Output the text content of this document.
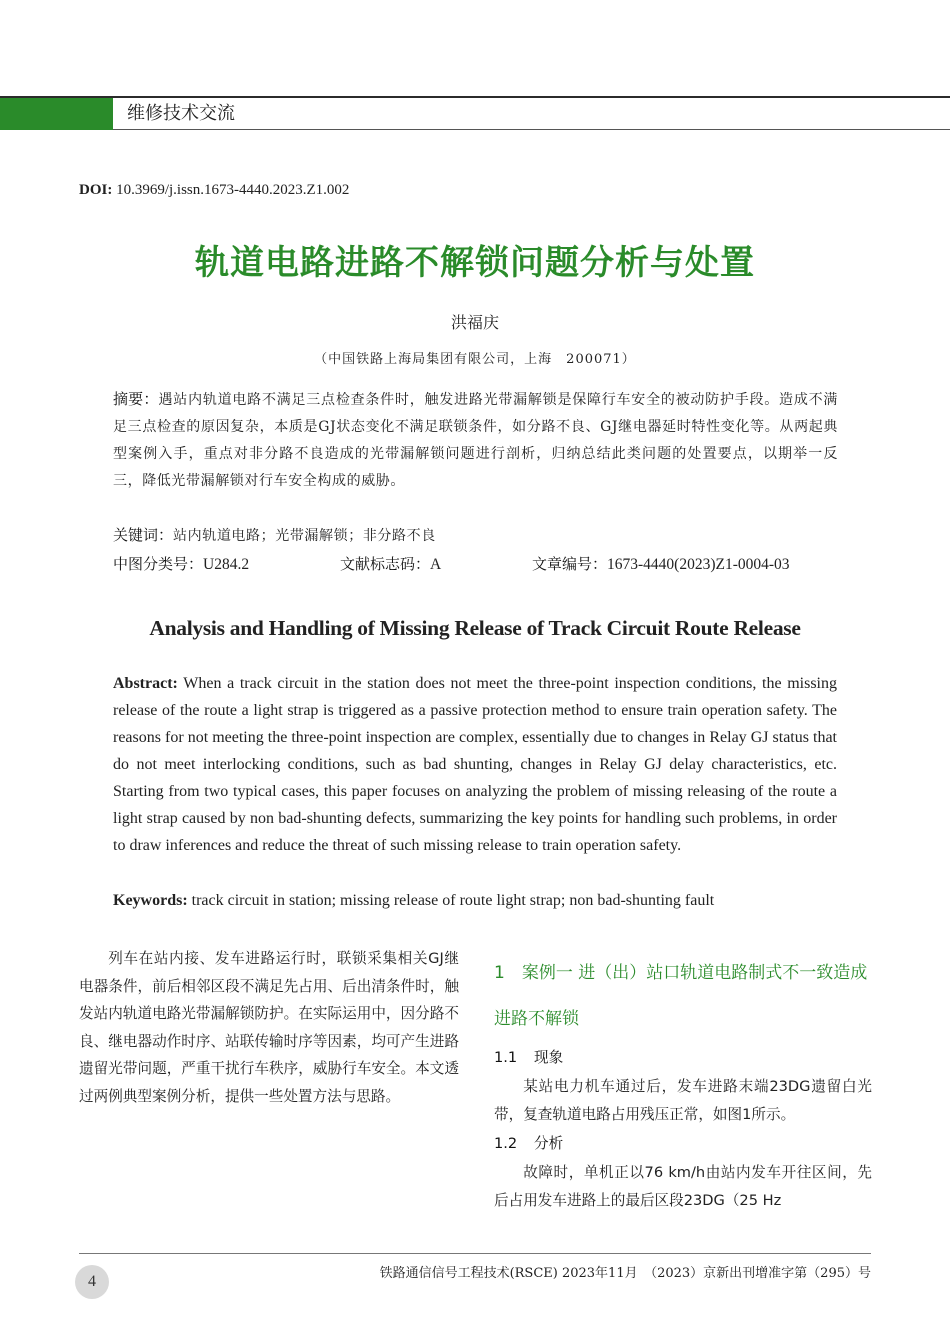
维修技术交流
DOI: 10.3969/j.issn.1673-4440.2023.Z1.002
轨道电路进路不解锁问题分析与处置
洪福庆
（中国铁路上海局集团有限公司，上海　200071）
摘要：遇站内轨道电路不满足三点检查条件时，触发进路光带漏解锁是保障行车安全的被动防护手段。造成不满足三点检查的原因复杂，本质是GJ状态变化不满足联锁条件，如分路不良、GJ继电器延时特性变化等。从两起典型案例入手，重点对非分路不良造成的光带漏解锁问题进行剖析，归纳总结此类问题的处置要点，以期举一反三，降低光带漏解锁对行车安全构成的威胁。
关键词：站内轨道电路；光带漏解锁；非分路不良
中图分类号：U284.2	文献标志码：A	文章编号：1673-4440(2023)Z1-0004-03
Analysis and Handling of Missing Release of Track Circuit Route Release
Abstract: When a track circuit in the station does not meet the three-point inspection conditions, the missing release of the route a light strap is triggered as a passive protection method to ensure train operation safety. The reasons for not meeting the three-point inspection are complex, essentially due to changes in Relay GJ status that do not meet interlocking conditions, such as bad shunting, changes in Relay GJ delay characteristics, etc. Starting from two typical cases, this paper focuses on analyzing the problem of missing releasing of the route a light strap caused by non bad-shunting defects, summarizing the key points for handling such problems, in order to draw inferences and reduce the threat of such missing release to train operation safety.
Keywords: track circuit in station; missing release of route light strap; non bad-shunting fault
列车在站内接、发车进路运行时，联锁采集相关GJ继电器条件，前后相邻区段不满足先占用、后出清条件时，触发站内轨道电路光带漏解锁防护。在实际运用中，因分路不良、继电器动作时序、站联传输时序等因素，均可产生进路遗留光带问题，严重干扰行车秩序，威胁行车安全。本文透过两例典型案例分析，提供一些处置方法与思路。
1　案例一 进（出）站口轨道电路制式不一致造成进路不解锁
1.1 现象
某站电力机车通过后，发车进路末端23DG遗留白光带，复查轨道电路占用残压正常，如图1所示。
1.2 分析
故障时，单机正以76 km/h由站内发车开往区间，先后占用发车进路上的最后区段23DG（25 Hz
4	铁路通信信号工程技术(RSCE) 2023年11月　（2023）京新出刊增准字第（295）号
